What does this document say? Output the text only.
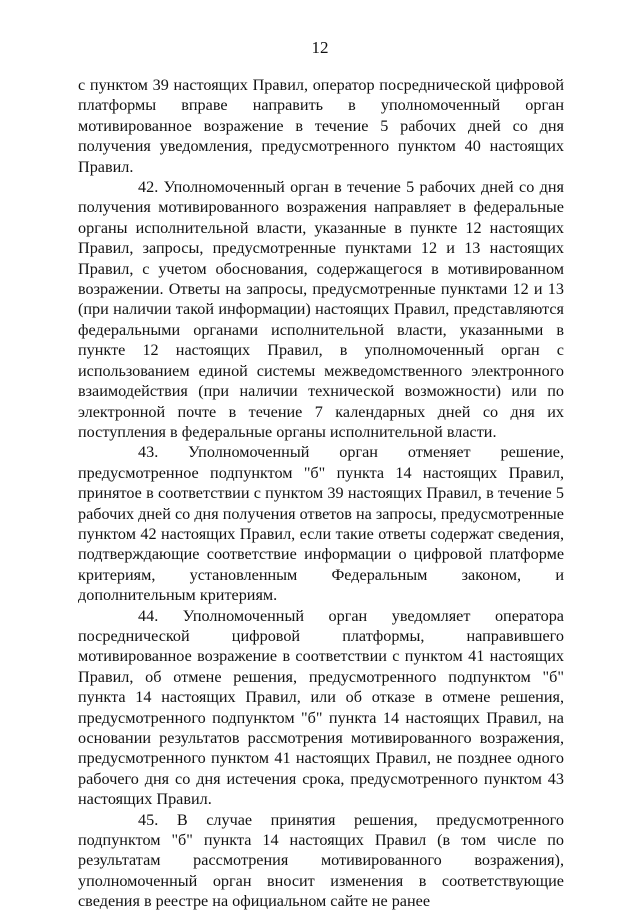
12

с пунктом 39 настоящих Правил, оператор посреднической цифровой платформы вправе направить в уполномоченный орган мотивированное возражение в течение 5 рабочих дней со дня получения уведомления, предусмотренного пунктом 40 настоящих Правил.

42. Уполномоченный орган в течение 5 рабочих дней со дня получения мотивированного возражения направляет в федеральные органы исполнительной власти, указанные в пункте 12 настоящих Правил, запросы, предусмотренные пунктами 12 и 13 настоящих Правил, с учетом обоснования, содержащегося в мотивированном возражении. Ответы на запросы, предусмотренные пунктами 12 и 13 (при наличии такой информации) настоящих Правил, представляются федеральными органами исполнительной власти, указанными в пункте 12 настоящих Правил, в уполномоченный орган с использованием единой системы межведомственного электронного взаимодействия (при наличии технической возможности) или по электронной почте в течение 7 календарных дней со дня их поступления в федеральные органы исполнительной власти.

43. Уполномоченный орган отменяет решение, предусмотренное подпунктом "б" пункта 14 настоящих Правил, принятое в соответствии с пунктом 39 настоящих Правил, в течение 5 рабочих дней со дня получения ответов на запросы, предусмотренные пунктом 42 настоящих Правил, если такие ответы содержат сведения, подтверждающие соответствие информации о цифровой платформе критериям, установленным Федеральным законом, и дополнительным критериям.

44. Уполномоченный орган уведомляет оператора посреднической цифровой платформы, направившего мотивированное возражение в соответствии с пунктом 41 настоящих Правил, об отмене решения, предусмотренного подпунктом "б" пункта 14 настоящих Правил, или об отказе в отмене решения, предусмотренного подпунктом "б" пункта 14 настоящих Правил, на основании результатов рассмотрения мотивированного возражения, предусмотренного пунктом 41 настоящих Правил, не позднее одного рабочего дня со дня истечения срока, предусмотренного пунктом 43 настоящих Правил.

45. В случае принятия решения, предусмотренного подпунктом "б" пункта 14 настоящих Правил (в том числе по результатам рассмотрения мотивированного возражения), уполномоченный орган вносит изменения в соответствующие сведения в реестре на официальном сайте не ранее
